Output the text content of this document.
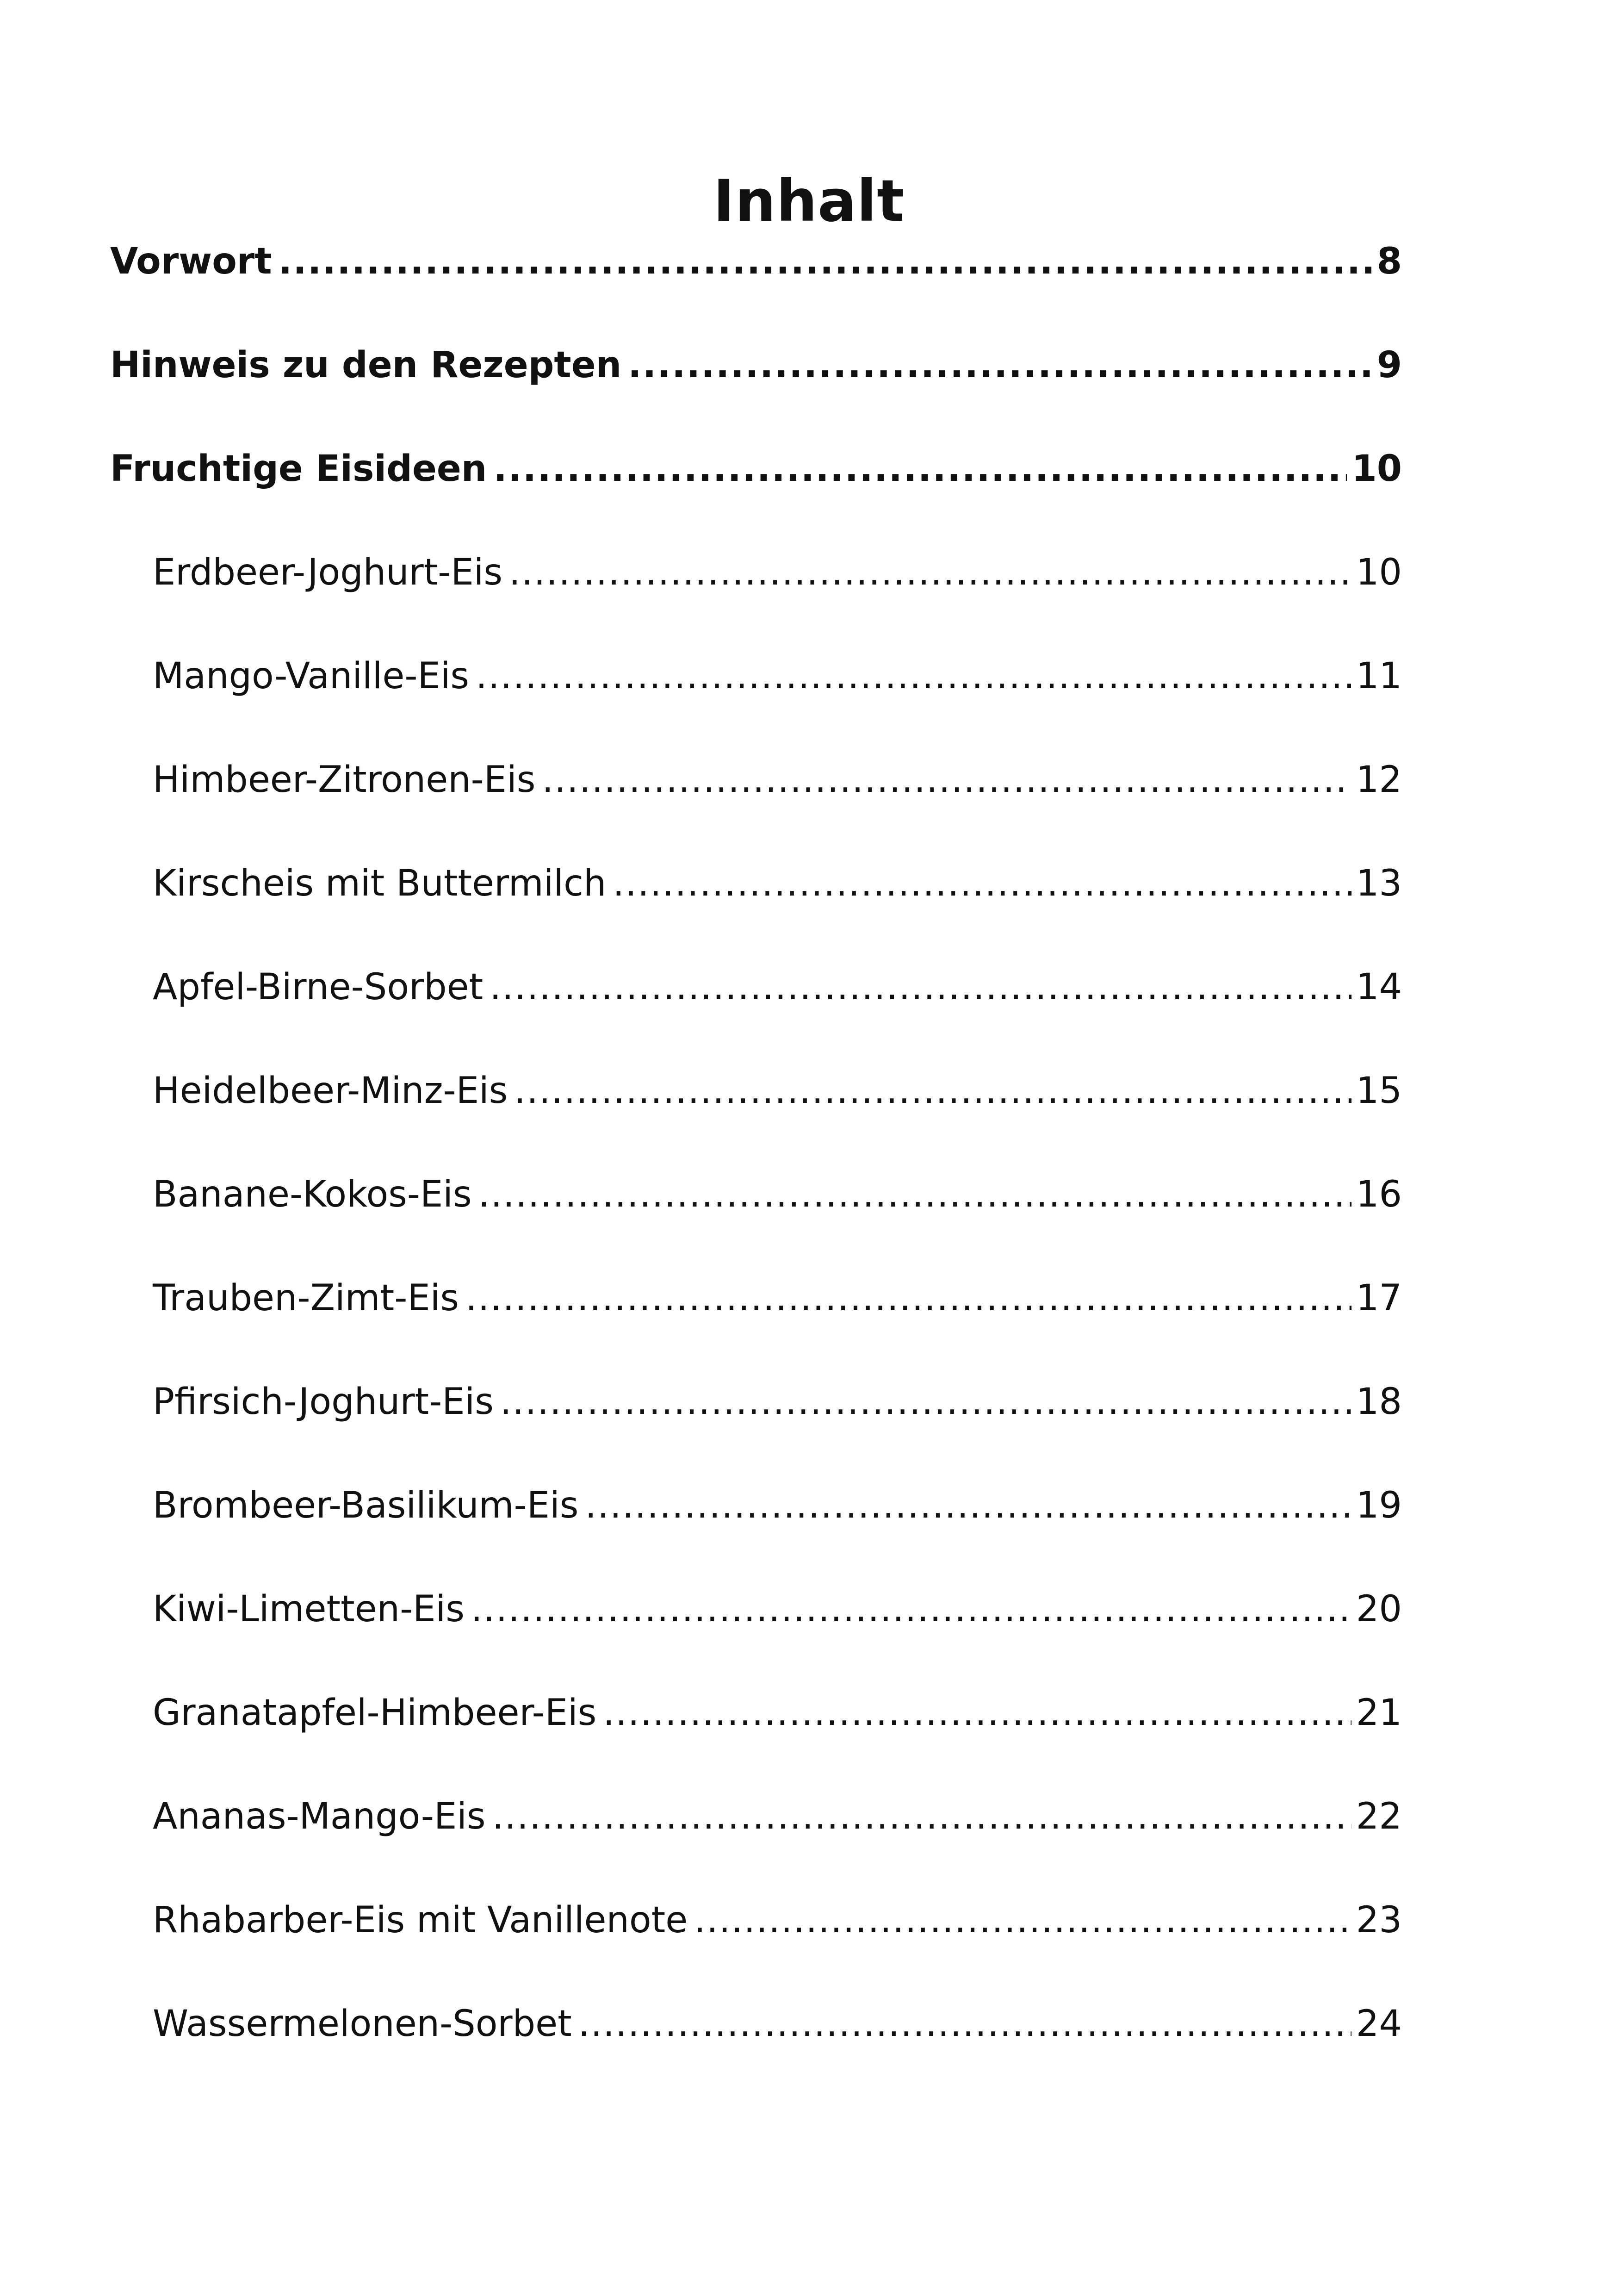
Inhalt
Vorwort .....	8
Hinweis zu den Rezepten .....	9
Fruchtige Eisideen .....	10
Erdbeer-Joghurt-Eis .....	10
Mango-Vanille-Eis .....	11
Himbeer-Zitronen-Eis .....	12
Kirscheis mit Buttermilch .....	13
Apfel-Birne-Sorbet .....	14
Heidelbeer-Minz-Eis .....	15
Banane-Kokos-Eis .....	16
Trauben-Zimt-Eis .....	17
Pfirsich-Joghurt-Eis .....	18
Brombeer-Basilikum-Eis .....	19
Kiwi-Limetten-Eis .....	20
Granatapfel-Himbeer-Eis .....	21
Ananas-Mango-Eis .....	22
Rhabarber-Eis mit Vanillenote .....	23
Wassermelonen-Sorbet .....	24
